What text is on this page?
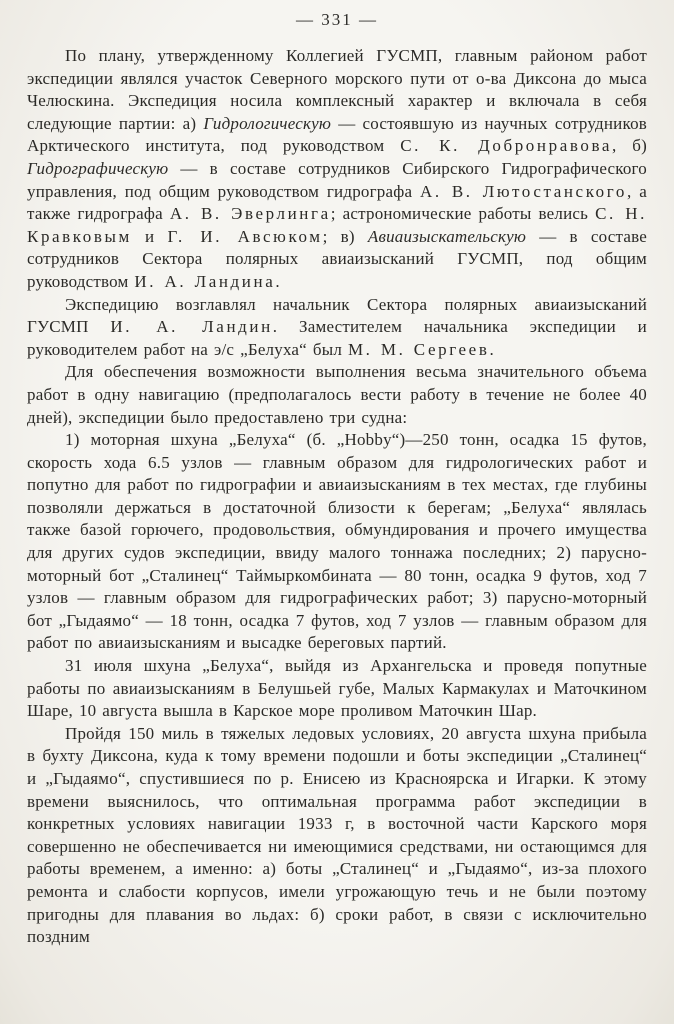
— 331 —

По плану, утвержденному Коллегией ГУСМП, главным районом работ экспедиции являлся участок Северного морского пути от о-ва Диксона до мыса Челюскина. Экспедиция носила комплексный характер и включала в себя следующие партии: а) Гидрологическую — состоявшую из научных сотрудников Арктического института, под руководством С. К. Добронравова, б) Гидрографическую — в составе сотрудников Сибирского Гидрографического управления, под общим руководством гидрографа А. В. Лютостанского, а также гидрографа А. В. Эверлинга; астрономические работы велись С. Н. Кравковым и Г. И. Авсюком; в) Авиаизыскательскую — в составе сотрудников Сектора полярных авиаизысканий ГУСМП, под общим руководством И. А. Ландина.

Экспедицию возглавлял начальник Сектора полярных авиаизысканий ГУСМП И. А. Ландин. Заместителем начальника экспедиции и руководителем работ на э/с „Белуха“ был М. М. Сергеев.

Для обеспечения возможности выполнения весьма значительного объема работ в одну навигацию (предполагалось вести работу в течение не более 40 дней), экспедиции было предоставлено три судна:

1) моторная шхуна „Белуха“ (б. „Hobby“)—250 тонн, осадка 15 футов, скорость хода 6.5 узлов — главным образом для гидрологических работ и попутно для работ по гидрографии и авиаизысканиям в тех местах, где глубины позволяли держаться в достаточной близости к берегам; „Белуха“ являлась также базой горючего, продовольствия, обмундирования и прочего имущества для других судов экспедиции, ввиду малого тоннажа последних; 2) парусно-моторный бот „Сталинец“ Таймыркомбината — 80 тонн, осадка 9 футов, ход 7 узлов — главным образом для гидрографических работ; 3) парусно-моторный бот „Гыдаямо“ — 18 тонн, осадка 7 футов, ход 7 узлов — главным образом для работ по авиаизысканиям и высадке береговых партий.

31 июля шхуна „Белуха“, выйдя из Архангельска и проведя попутные работы по авиаизысканиям в Белушьей губе, Малых Кармакулах и Маточкином Шаре, 10 августа вышла в Карское море проливом Маточкин Шар.

Пройдя 150 миль в тяжелых ледовых условиях, 20 августа шхуна прибыла в бухту Диксона, куда к тому времени подошли и боты экспедиции „Сталинец“ и „Гыдаямо“, спустившиеся по р. Енисею из Красноярска и Игарки. К этому времени выяснилось, что оптимальная программа работ экспедиции в конкретных условиях навигации 1933 г, в восточной части Карского моря совершенно не обеспечивается ни имеющимися средствами, ни остающимся для работы временем, а именно: а) боты „Сталинец“ и „Гыдаямо“, из-за плохого ремонта и слабости корпусов, имели угрожающую течь и не были поэтому пригодны для плавания во льдах: б) сроки работ, в связи с исключительно поздним
